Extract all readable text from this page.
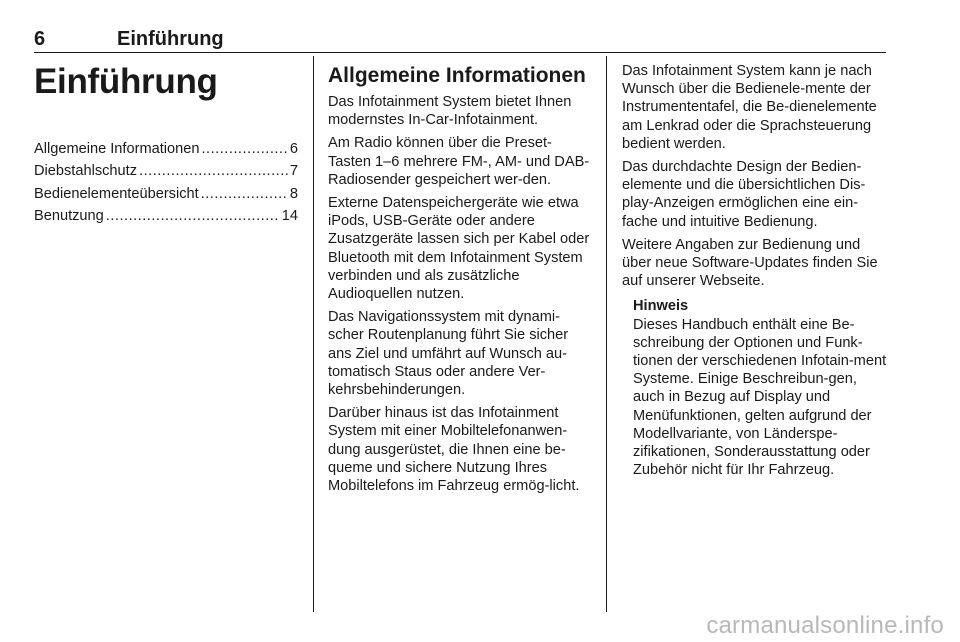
6	Einführung
Einführung
Allgemeine Informationen .....	6
Diebstahlschutz .....	7
Bedienelementeübersicht .....	8
Benutzung .....	14
Allgemeine Informationen

Das Infotainment System bietet Ihnen modernstes In-Car-Infotainment.

Am Radio können über die Preset-Tasten 1–6 mehrere FM-, AM- und DAB-Radiosender gespeichert wer-den.

Externe Datenspeichergeräte wie etwa iPods, USB-Geräte oder andere Zusatzgeräte lassen sich per Kabel oder Bluetooth mit dem Infotainment System verbinden und als zusätzliche Audioquellen nutzen.

Das Navigationssystem mit dynami-scher Routenplanung führt Sie sicher ans Ziel und umfährt auf Wunsch au-tomatisch Staus oder andere Ver-kehrsbehinderungen.

Darüber hinaus ist das Infotainment System mit einer Mobiltelefonanwen-dung ausgerüstet, die Ihnen eine be-queme und sichere Nutzung Ihres Mobiltelefons im Fahrzeug ermög-licht.

Das Infotainment System kann je nach Wunsch über die Bedienele-mente der Instrumententafel, die Be-dienelemente am Lenkrad oder die Sprachsteuerung bedient werden.

Das durchdachte Design der Bedien-elemente und die übersichtlichen Dis-play-Anzeigen ermöglichen eine ein-fache und intuitive Bedienung.

Weitere Angaben zur Bedienung und über neue Software-Updates finden Sie auf unserer Webseite.

Hinweis
Dieses Handbuch enthält eine Be-schreibung der Optionen und Funk-tionen der verschiedenen Infotain-ment Systeme. Einige Beschreibun-gen, auch in Bezug auf Display und Menüfunktionen, gelten aufgrund der Modellvariante, von Länderspe-zifikationen, Sonderausstattung oder Zubehör nicht für Ihr Fahrzeug.
carmanualsonline.info
